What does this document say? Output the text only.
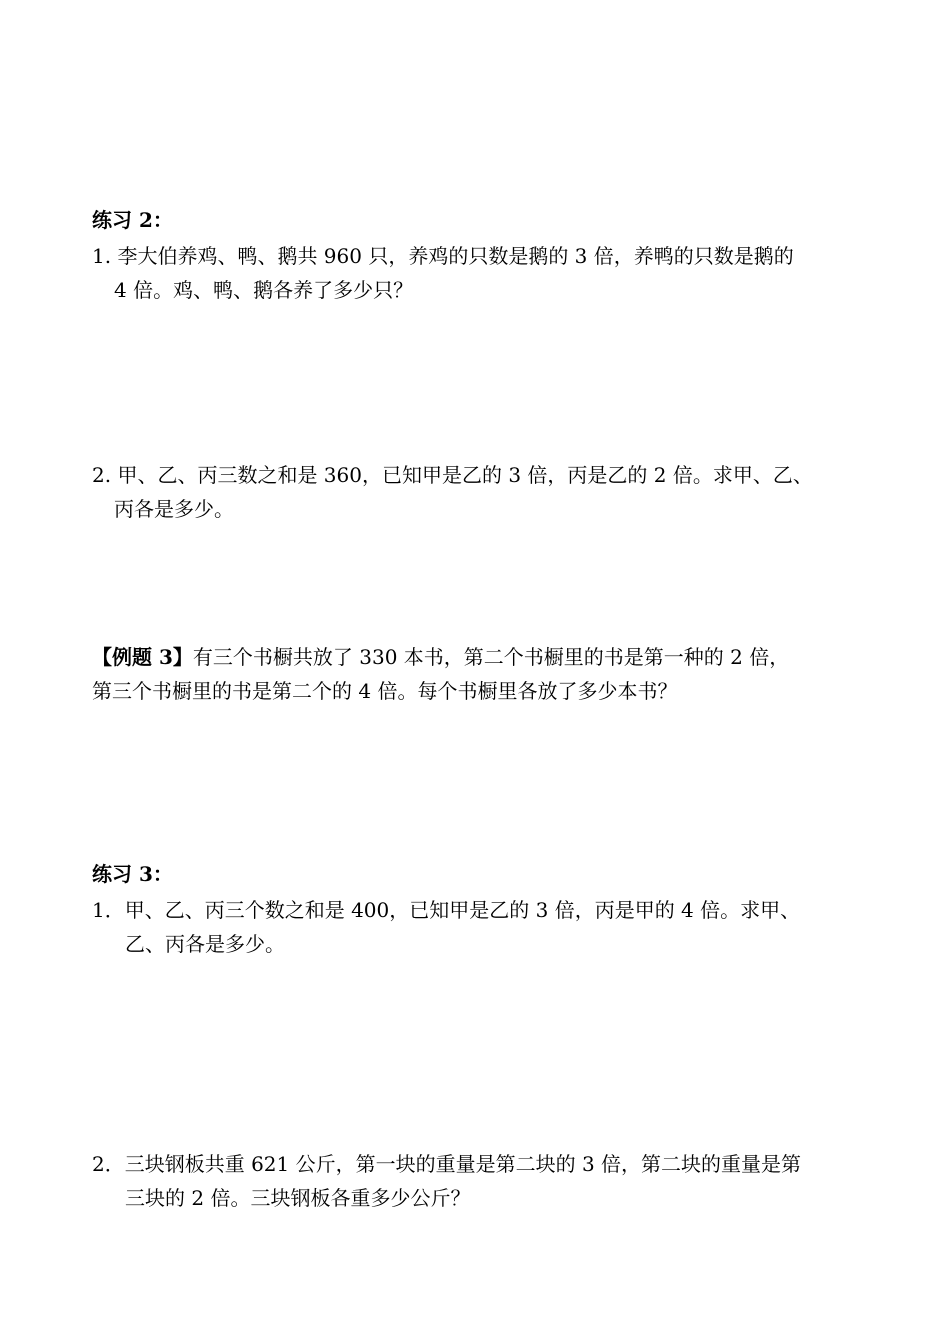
练习 2：
1. 李大伯养鸡、鸭、鹅共 960 只，养鸡的只数是鹅的 3 倍，养鸭的只数是鹅的
4 倍。鸡、鸭、鹅各养了多少只？
2. 甲、乙、丙三数之和是 360，已知甲是乙的 3 倍，丙是乙的 2 倍。求甲、乙、
丙各是多少。
【例题 3】有三个书橱共放了 330 本书，第二个书橱里的书是第一种的 2 倍，
第三个书橱里的书是第二个的 4 倍。每个书橱里各放了多少本书？
练习 3：
1．甲、乙、丙三个数之和是 400，已知甲是乙的 3 倍，丙是甲的 4 倍。求甲、
乙、丙各是多少。
2．三块钢板共重 621 公斤，第一块的重量是第二块的 3 倍，第二块的重量是第
三块的 2 倍。三块钢板各重多少公斤？
